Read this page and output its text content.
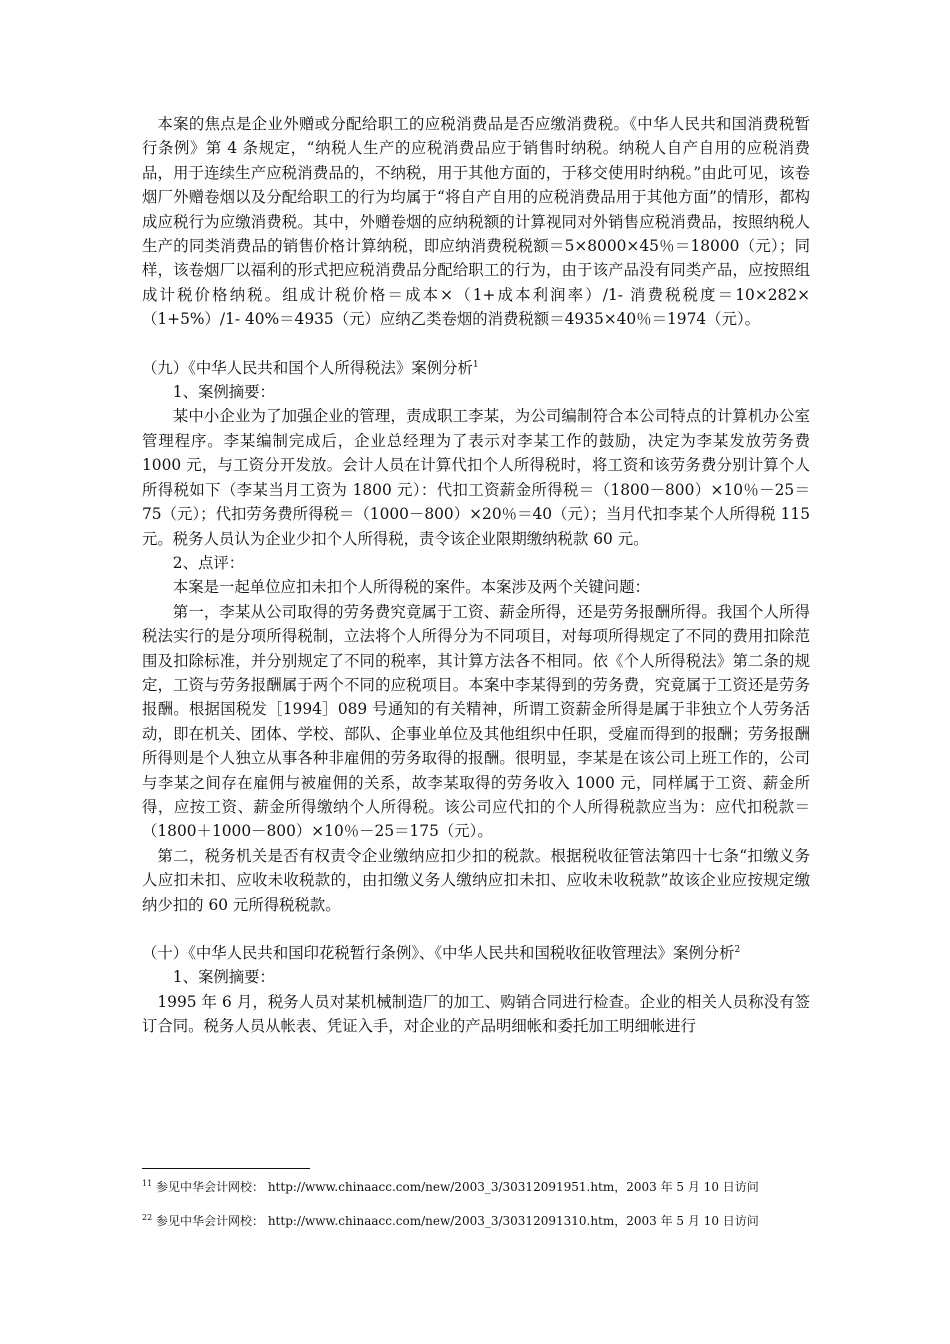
本案的焦点是企业外赠或分配给职工的应税消费品是否应缴消费税。《中华人民共和国消费税暂行条例》第 4 条规定，“纳税人生产的应税消费品应于销售时纳税。纳税人自产自用的应税消费品，用于连续生产应税消费品的，不纳税，用于其他方面的，于移交使用时纳税。”由此可见，该卷烟厂外赠卷烟以及分配给职工的行为均属于“将自产自用的应税消费品用于其他方面”的情形，都构成应税行为应缴消费税。其中，外赠卷烟的应纳税额的计算视同对外销售应税消费品，按照纳税人生产的同类消费品的销售价格计算纳税，即应纳消费税税额＝5×8000×45％＝18000（元）；同样，该卷烟厂以福利的形式把应税消费品分配给职工的行为，由于该产品没有同类产品，应按照组成计税价格纳税。组成计税价格＝成本×（1+成本利润率）/1- 消费税税度＝10×282×（1+5%）/1- 40%＝4935（元）应纳乙类卷烟的消费税额＝4935×40％＝1974（元）。

（九）《中华人民共和国个人所得税法》案例分析$^1$

1、案例摘要：

某中小企业为了加强企业的管理，责成职工李某，为公司编制符合本公司特点的计算机办公室管理程序。李某编制完成后，企业总经理为了表示对李某工作的鼓励，决定为李某发放劳务费 1000 元，与工资分开发放。会计人员在计算代扣个人所得税时，将工资和该劳务费分别计算个人所得税如下（李某当月工资为 1800 元）：代扣工资薪金所得税＝（1800－800）×10％－25＝75（元）；代扣劳务费所得税＝（1000－800）×20％＝40（元）；当月代扣李某个人所得税 115 元。税务人员认为企业少扣个人所得税，责令该企业限期缴纳税款 60 元。

2、点评：

本案是一起单位应扣未扣个人所得税的案件。本案涉及两个关键问题：

第一，李某从公司取得的劳务费究竟属于工资、薪金所得，还是劳务报酬所得。我国个人所得税法实行的是分项所得税制，立法将个人所得分为不同项目，对每项所得规定了不同的费用扣除范围及扣除标准，并分别规定了不同的税率，其计算方法各不相同。依《个人所得税法》第二条的规定，工资与劳务报酬属于两个不同的应税项目。本案中李某得到的劳务费，究竟属于工资还是劳务报酬。根据国税发［1994］089 号通知的有关精神，所谓工资薪金所得是属于非独立个人劳务活动，即在机关、团体、学校、部队、企事业单位及其他组织中任职，受雇而得到的报酬；劳务报酬所得则是个人独立从事各种非雇佣的劳务取得的报酬。很明显，李某是在该公司上班工作的，公司与李某之间存在雇佣与被雇佣的关系，故李某取得的劳务收入 1000 元，同样属于工资、薪金所得，应按工资、薪金所得缴纳个人所得税。该公司应代扣的个人所得税款应当为：应代扣税款＝（1800＋1000－800）×10％－25＝175（元）。

第二，税务机关是否有权责令企业缴纳应扣少扣的税款。根据税收征管法第四十七条“扣缴义务人应扣未扣、应收未收税款的，由扣缴义务人缴纳应扣未扣、应收未收税款”故该企业应按规定缴纳少扣的 60 元所得税税款。

（十）《中华人民共和国印花税暂行条例》、《中华人民共和国税收征收管理法》案例分析$^2$

1、案例摘要：

1995 年 6 月，税务人员对某机械制造厂的加工、购销合同进行检查。企业的相关人员称没有签订合同。税务人员从帐表、凭证入手，对企业的产品明细帐和委托加工明细帐进行

$^{11}$ 参见中华会计网校： http://www.chinaacc.com/new/2003_3/30312091951.htm，2003 年 5 月 10 日访问
$^{22}$ 参见中华会计网校： http://www.chinaacc.com/new/2003_3/30312091310.htm，2003 年 5 月 10 日访问
